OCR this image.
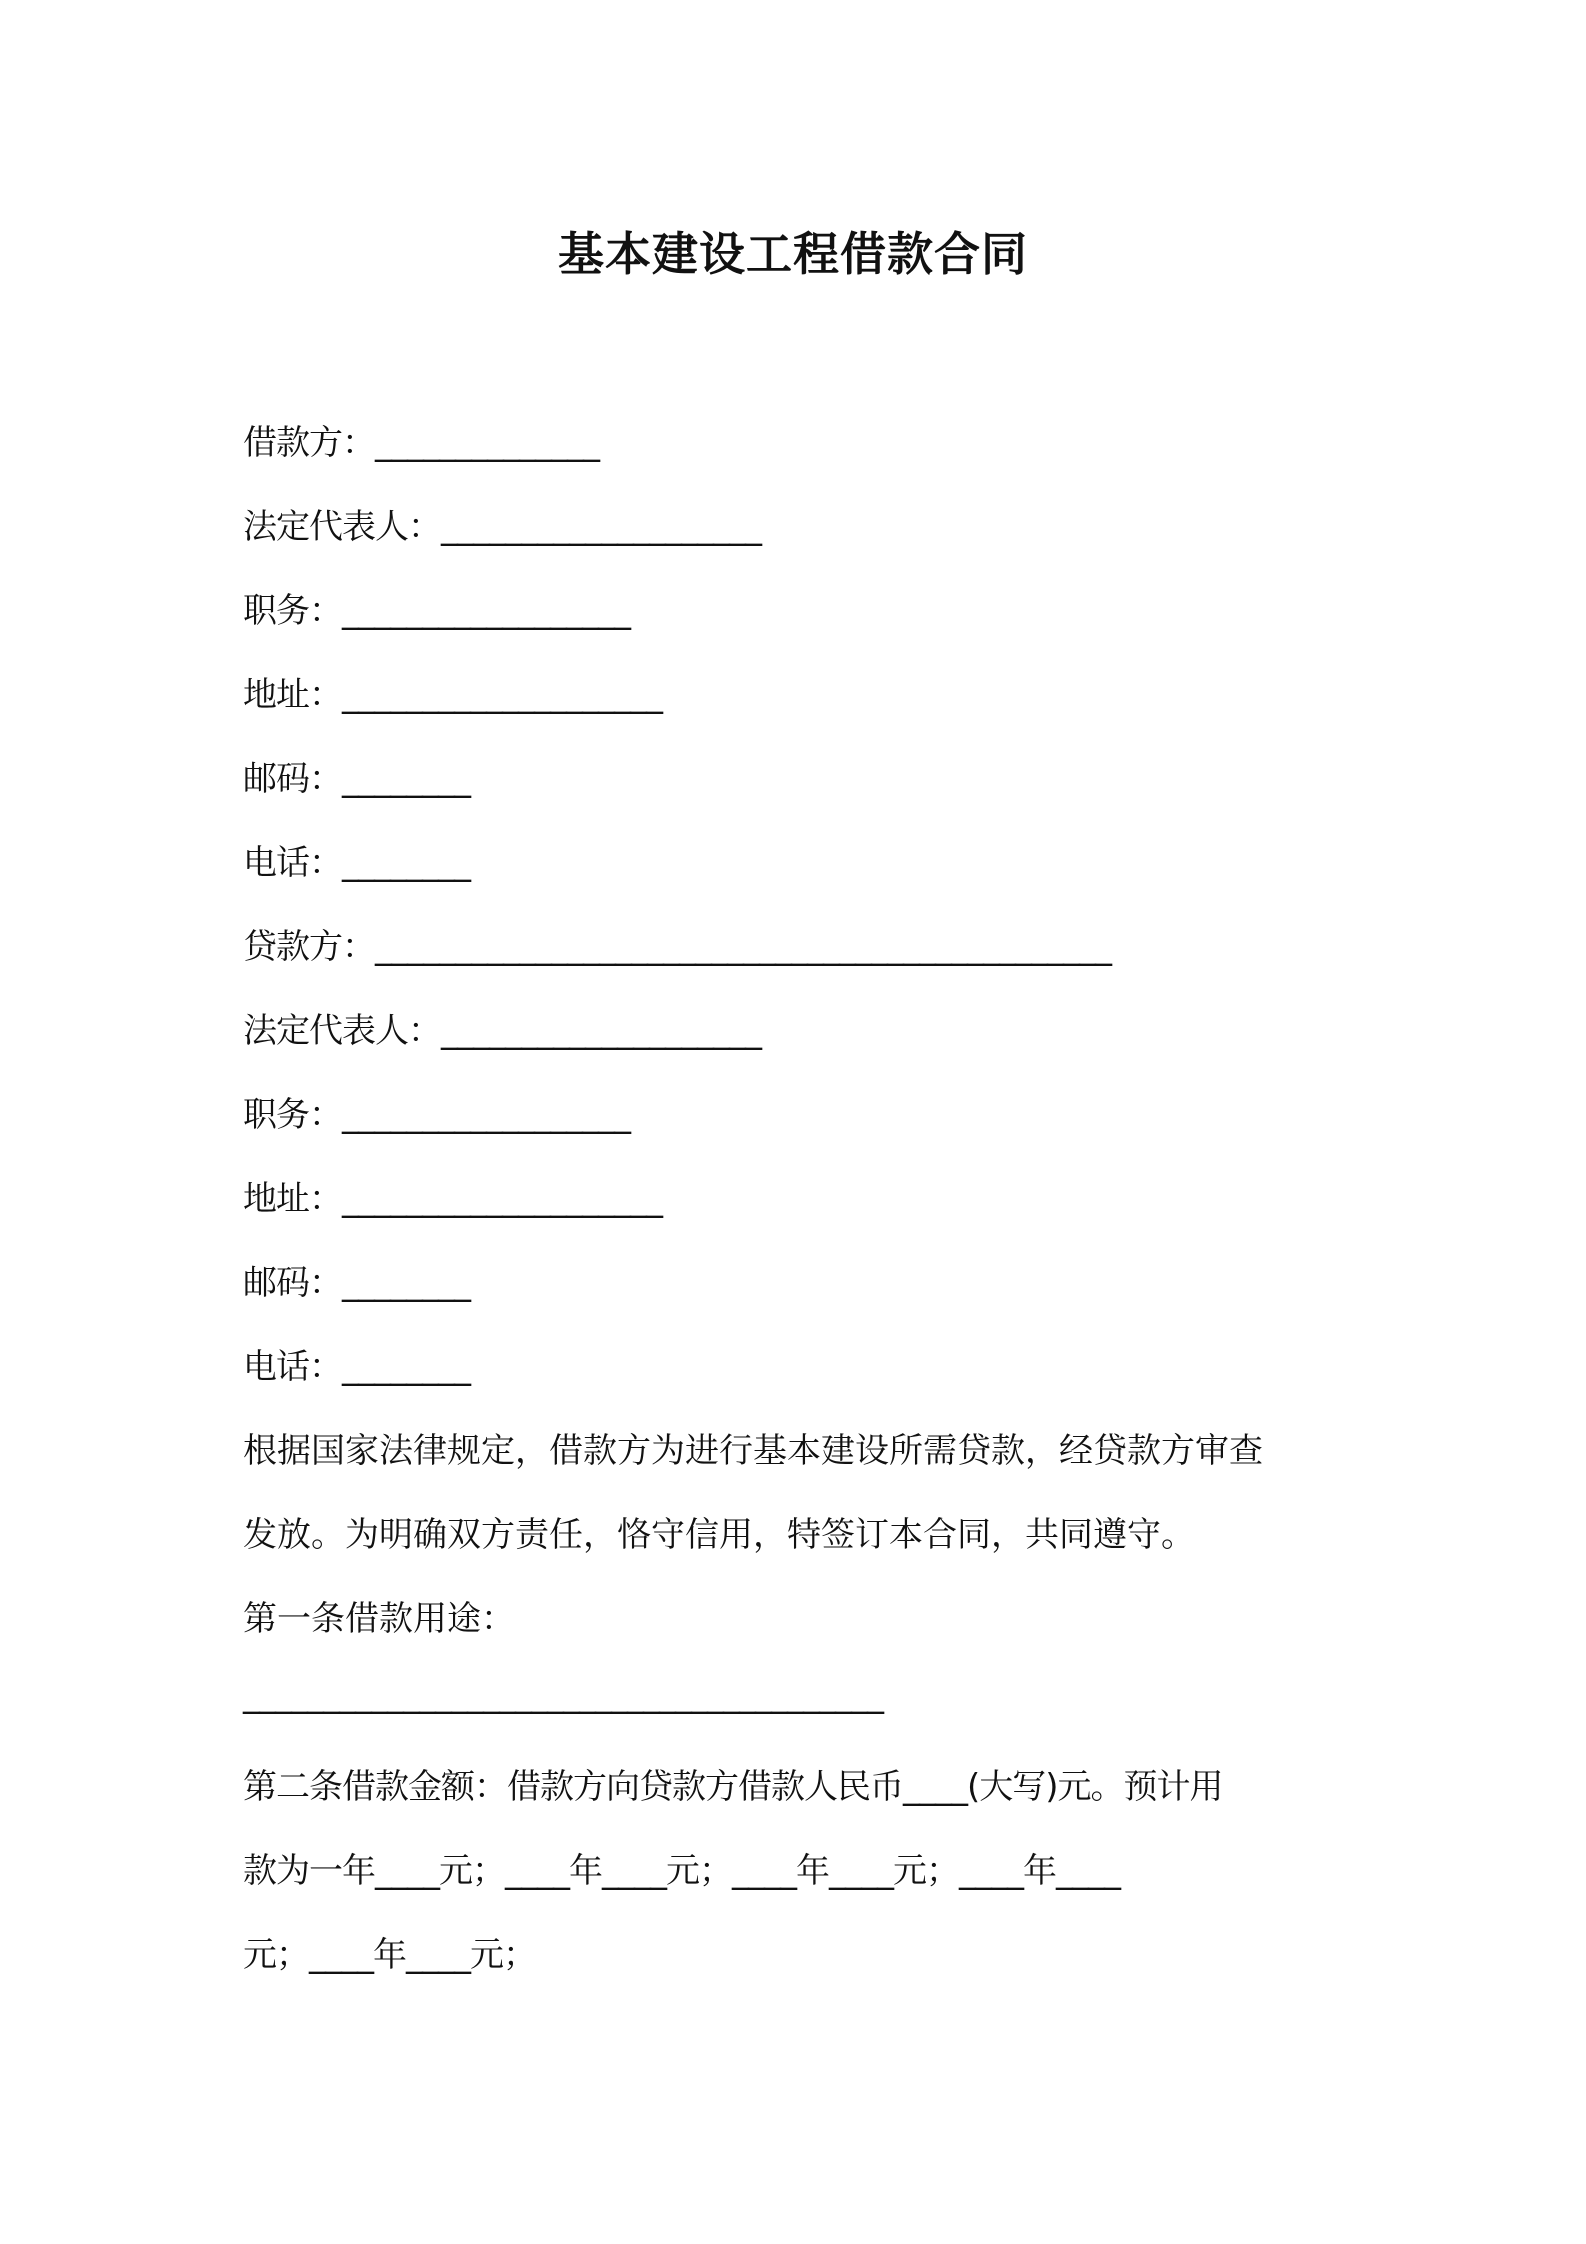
基本建设工程借款合同
借款方：______________
法定代表人：____________________
职务：__________________
地址：____________________
邮码：________
电话：________
贷款方：______________________________________________
法定代表人：____________________
职务：__________________
地址：____________________
邮码：________
电话：________
根据国家法律规定，借款方为进行基本建设所需贷款，经贷款方审查
发放。为明确双方责任，恪守信用，特签订本合同，共同遵守。
第一条借款用途：
________________________________________
第二条借款金额：借款方向贷款方借款人民币____(大写)元。预计用
款为一年____元；____年____元；____年____元；____年____
元；____年____元；
